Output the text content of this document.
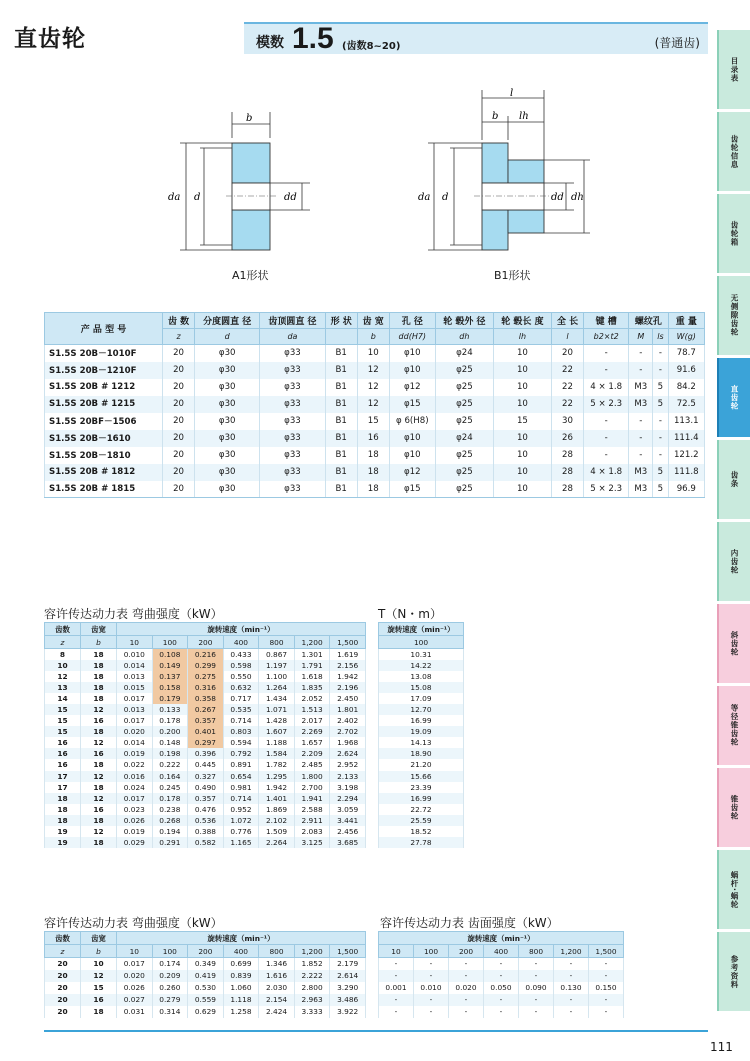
直齿轮	模数 1.5 (齿数8~20)	(普通齿)
目录表
齿轮信息
齿轮箱
无侧隙齿轮
直齿轮
齿条
内齿轮
斜齿轮
等径锥齿轮
锥齿轮
蜗杆·蜗轮
参考资料
b
da d	dd
A1形状
l
b lh
da d	dd dh
B1形状
产 品 型 号	齿 数	分度圆直 径	齿顶圆直 径	形 状	齿 宽	孔 径	轮 毂外 径	轮 毂长 度	全 长	键 槽	螺纹孔		重 量
	z	d	da		b	dd(H7)	dh	lh	l	b2×t2	M	ls	W(g)
S1.5S 20B－1010F	20	φ30	φ33	B1	10	φ10	φ24	10	20	-	-	-	78.7
S1.5S 20B－1210F	20	φ30	φ33	B1	12	φ10	φ25	10	22	-	-	-	91.6
S1.5S 20B # 1212	20	φ30	φ33	B1	12	φ12	φ25	10	22	4 × 1.8	M3	5	84.2
S1.5S 20B # 1215	20	φ30	φ33	B1	12	φ15	φ25	10	22	5 × 2.3	M3	5	72.5
S1.5S 20BF－1506	20	φ30	φ33	B1	15	φ 6(H8)	φ25	15	30	-	-	-	113.1
S1.5S 20B－1610	20	φ30	φ33	B1	16	φ10	φ24	10	26	-	-	-	111.4
S1.5S 20B－1810	20	φ30	φ33	B1	18	φ10	φ25	10	28	-	-	-	121.2
S1.5S 20B # 1812	20	φ30	φ33	B1	18	φ12	φ25	10	28	4 × 1.8	M3	5	111.8
S1.5S 20B # 1815	20	φ30	φ33	B1	18	φ15	φ25	10	28	5 × 2.3	M3	5	96.9
容许传达动力表 弯曲强度（kW）	T（N・m）
齿数	齿宽	旋转速度（min⁻¹）						
z	b	10	100	200	400	800	1,200	1,500
8	18	0.010	0.108	0.216	0.433	0.867	1.301	1.619
10	18	0.014	0.149	0.299	0.598	1.197	1.791	2.156
12	18	0.013	0.137	0.275	0.550	1.100	1.618	1.942
13	18	0.015	0.158	0.316	0.632	1.264	1.835	2.196
14	18	0.017	0.179	0.358	0.717	1.434	2.052	2.450
15	12	0.013	0.133	0.267	0.535	1.071	1.513	1.801
15	16	0.017	0.178	0.357	0.714	1.428	2.017	2.402
15	18	0.020	0.200	0.401	0.803	1.607	2.269	2.702
16	12	0.014	0.148	0.297	0.594	1.188	1.657	1.968
16	16	0.019	0.198	0.396	0.792	1.584	2.209	2.624
16	18	0.022	0.222	0.445	0.891	1.782	2.485	2.952
17	12	0.016	0.164	0.327	0.654	1.295	1.800	2.133
17	18	0.024	0.245	0.490	0.981	1.942	2.700	3.198
18	12	0.017	0.178	0.357	0.714	1.401	1.941	2.294
18	16	0.023	0.238	0.476	0.952	1.869	2.588	3.059
18	18	0.026	0.268	0.536	1.072	2.102	2.911	3.441
19	12	0.019	0.194	0.388	0.776	1.509	2.083	2.456
19	18	0.029	0.291	0.582	1.165	2.264	3.125	3.685
旋转速度（min⁻¹）
100
10.31
14.22
13.08
15.08
17.09
12.70
16.99
19.09
14.13
18.90
21.20
15.66
23.39
16.99
22.72
25.59
18.52
27.78
容许传达动力表 弯曲强度（kW）	容许传达动力表 齿面强度（kW）
齿数	齿宽	旋转速度（min⁻¹）						
z	b	10	100	200	400	800	1,200	1,500
20	10	0.017	0.174	0.349	0.699	1.346	1.852	2.179
20	12	0.020	0.209	0.419	0.839	1.616	2.222	2.614
20	15	0.026	0.260	0.530	1.060	2.030	2.800	3.290
20	16	0.027	0.279	0.559	1.118	2.154	2.963	3.486
20	18	0.031	0.314	0.629	1.258	2.424	3.333	3.922
旋转速度（min⁻¹）						
10	100	200	400	800	1,200	1,500
-	-	-	-	-	-	-
-	-	-	-	-	-	-
0.001	0.010	0.020	0.050	0.090	0.130	0.150
-	-	-	-	-	-	-
-	-	-	-	-	-	-
111
